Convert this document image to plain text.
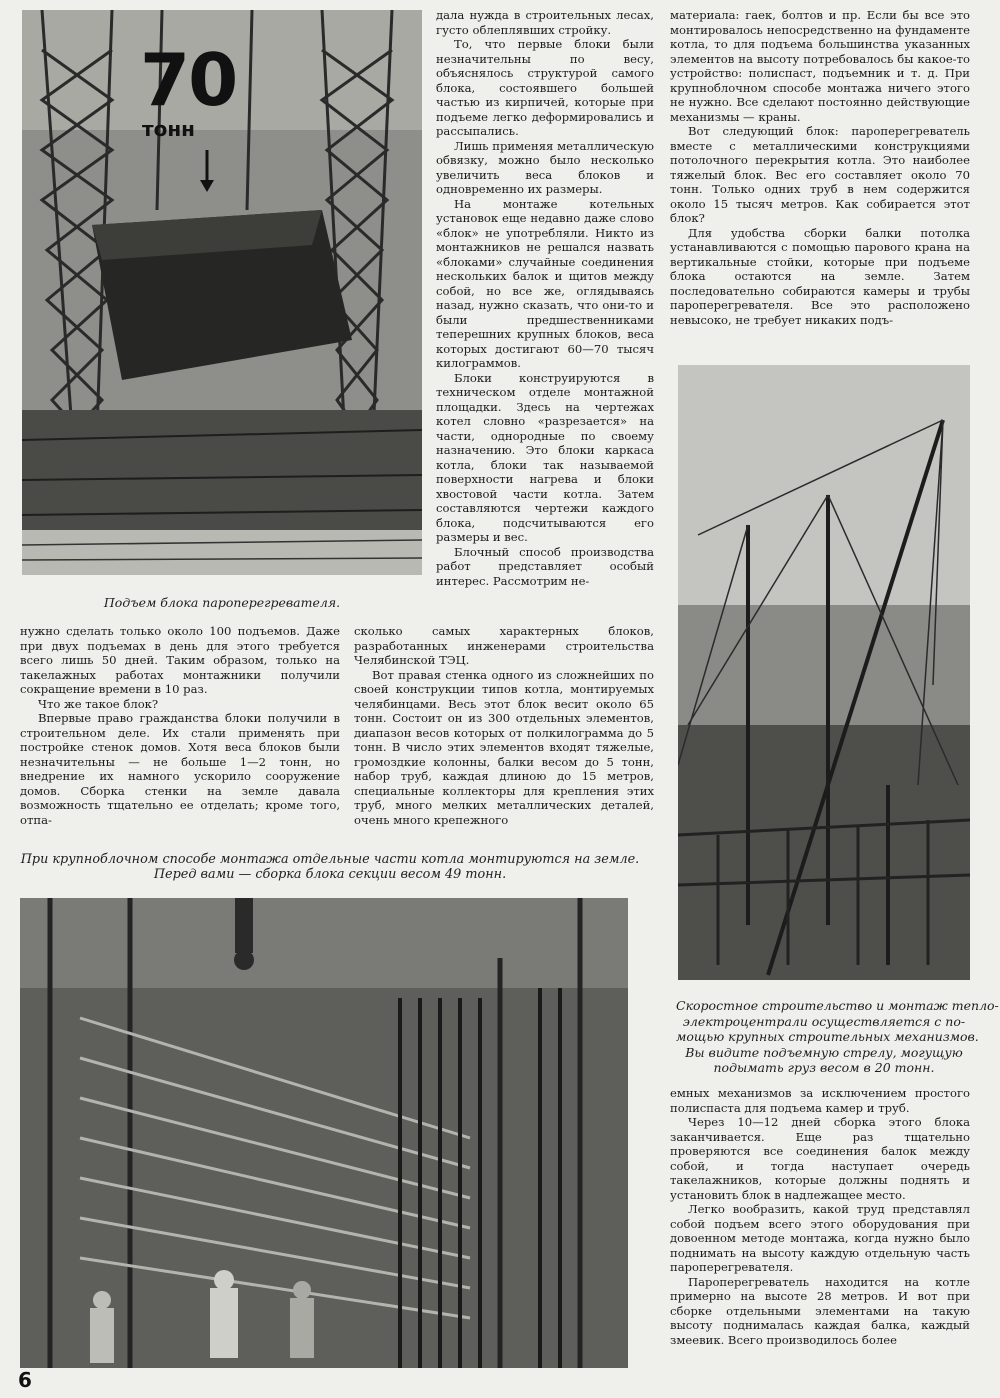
70
тонн
Подъем блока пароперегревателя.
Скоростное строительство и монтаж тепло-
электроцентрали осуществляется с по-
мощью крупных строительных механизмов.
Вы видите подъемную стрелу, могущую
подымать груз весом в 20 тонн.
При крупноблочном способе монтажа отдельные части котла монтируются на земле.
Перед вами — сборка блока секции весом 49 тонн.

дала нужда в строительных лесах, густо облеплявших стройку.

То, что первые блоки были незначительны по весу, объяснялось структурой самого блока, состоявшего большей частью из кирпичей, которые при подъеме легко деформировались и рассыпались.

Лишь применяя металлическую обвязку, можно было несколько увеличить веса блоков и одновременно их размеры.

На монтаже котельных установок еще недавно даже слово «блок» не употребляли. Никто из монтажников не решался назвать «блоками» случайные соединения нескольких балок и щитов между собой, но все же, оглядываясь назад, нужно сказать, что они-то и были предшественниками теперешних крупных блоков, веса которых достигают 60—70 тысяч килограммов.

Блоки конструируются в техническом отделе монтажной площадки. Здесь на чертежах котел словно «разрезается» на части, однородные по своему назначению. Это блоки каркаса котла, блоки так называемой поверхности нагрева и блоки хвостовой части котла. Затем составляются чертежи каждого блока, подсчитываются его размеры и вес.

Блочный способ производства работ представляет особый интерес. Рассмотрим не-

сколько самых характерных блоков, разработанных инженерами строительства Челябинской ТЭЦ.

Вот правая стенка одного из сложнейших по своей конструкции типов котла, монтируемых челябинцами. Весь этот блок весит около 65 тонн. Состоит он из 300 отдельных элементов, диапазон весов которых от полкилограмма до 5 тонн. В число этих элементов входят тяжелые, громоздкие колонны, балки весом до 5 тонн, набор труб, каждая длиною до 15 метров, специальные коллекторы для крепления этих труб, много мелких металлических деталей, очень много крепежного

нужно сделать только около 100 подъемов. Даже при двух подъемах в день для этого требуется всего лишь 50 дней. Таким образом, только на такелажных работах монтажники получили сокращение времени в 10 раз.

Что же такое блок?

Впервые право гражданства блоки получили в строительном деле. Их стали применять при постройке стенок домов. Хотя веса блоков были незначительны — не больше 1—2 тонн, но внедрение их намного ускорило сооружение домов. Сборка стенки на земле давала возможность тщательно ее отделать; кроме того, отпа-

материала: гаек, болтов и пр. Если бы все это монтировалось непосредственно на фундаменте котла, то для подъема большинства указанных элементов на высоту потребовалось бы какое-то устройство: полиспаст, подъемник и т. д. При крупноблочном способе монтажа ничего этого не нужно. Все сделают постоянно действующие механизмы — краны.

Вот следующий блок: пароперегреватель вместе с металлическими конструкциями потолочного перекрытия котла. Это наиболее тяжелый блок. Вес его составляет около 70 тонн. Только одних труб в нем содержится около 15 тысяч метров. Как собирается этот блок?

Для удобства сборки балки потолка устанавливаются с помощью парового крана на вертикальные стойки, которые при подъеме блока остаются на земле. Затем последовательно собираются камеры и трубы пароперегревателя. Все это расположено невысоко, не требует никаких подъ-

емных механизмов за исключением простого полиспаста для подъема камер и труб.

Через 10—12 дней сборка этого блока заканчивается. Еще раз тщательно проверяются все соединения балок между собой, и тогда наступает очередь такелажников, которые должны поднять и установить блок в надлежащее место.

Легко вообразить, какой труд представлял собой подъем всего этого оборудования при довоенном методе монтажа, когда нужно было поднимать на высоту каждую отдельную часть пароперегревателя.

Пароперегреватель находится на котле примерно на высоте 28 метров. И вот при сборке отдельными элементами на такую высоту поднималась каждая балка, каждый змеевик. Всего производилось более

6
